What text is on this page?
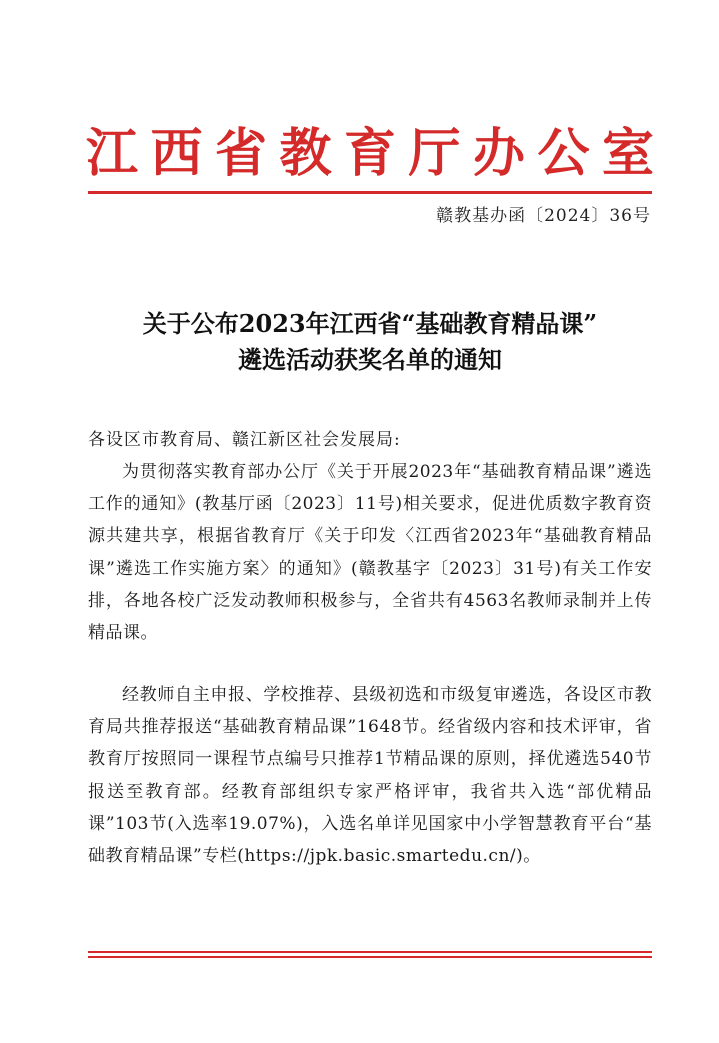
江西省教育厅办公室
赣教基办函〔2024〕36号
关于公布2023年江西省“基础教育精品课”
遴选活动获奖名单的通知
各设区市教育局、赣江新区社会发展局:
为贯彻落实教育部办公厅《关于开展2023年“基础教育精品课”遴选工作的通知》(教基厅函〔2023〕11号)相关要求，促进优质数字教育资源共建共享，根据省教育厅《关于印发〈江西省2023年“基础教育精品课”遴选工作实施方案〉的通知》(赣教基字〔2023〕31号)有关工作安排，各地各校广泛发动教师积极参与，全省共有4563名教师录制并上传精品课。
经教师自主申报、学校推荐、县级初选和市级复审遴选，各设区市教育局共推荐报送“基础教育精品课”1648节。经省级内容和技术评审，省教育厅按照同一课程节点编号只推荐1节精品课的原则，择优遴选540节报送至教育部。经教育部组织专家严格评审，我省共入选“部优精品课”103节(入选率19.07%)，入选名单详见国家中小学智慧教育平台“基础教育精品课”专栏(https://jpk.basic.smartedu.cn/)。
